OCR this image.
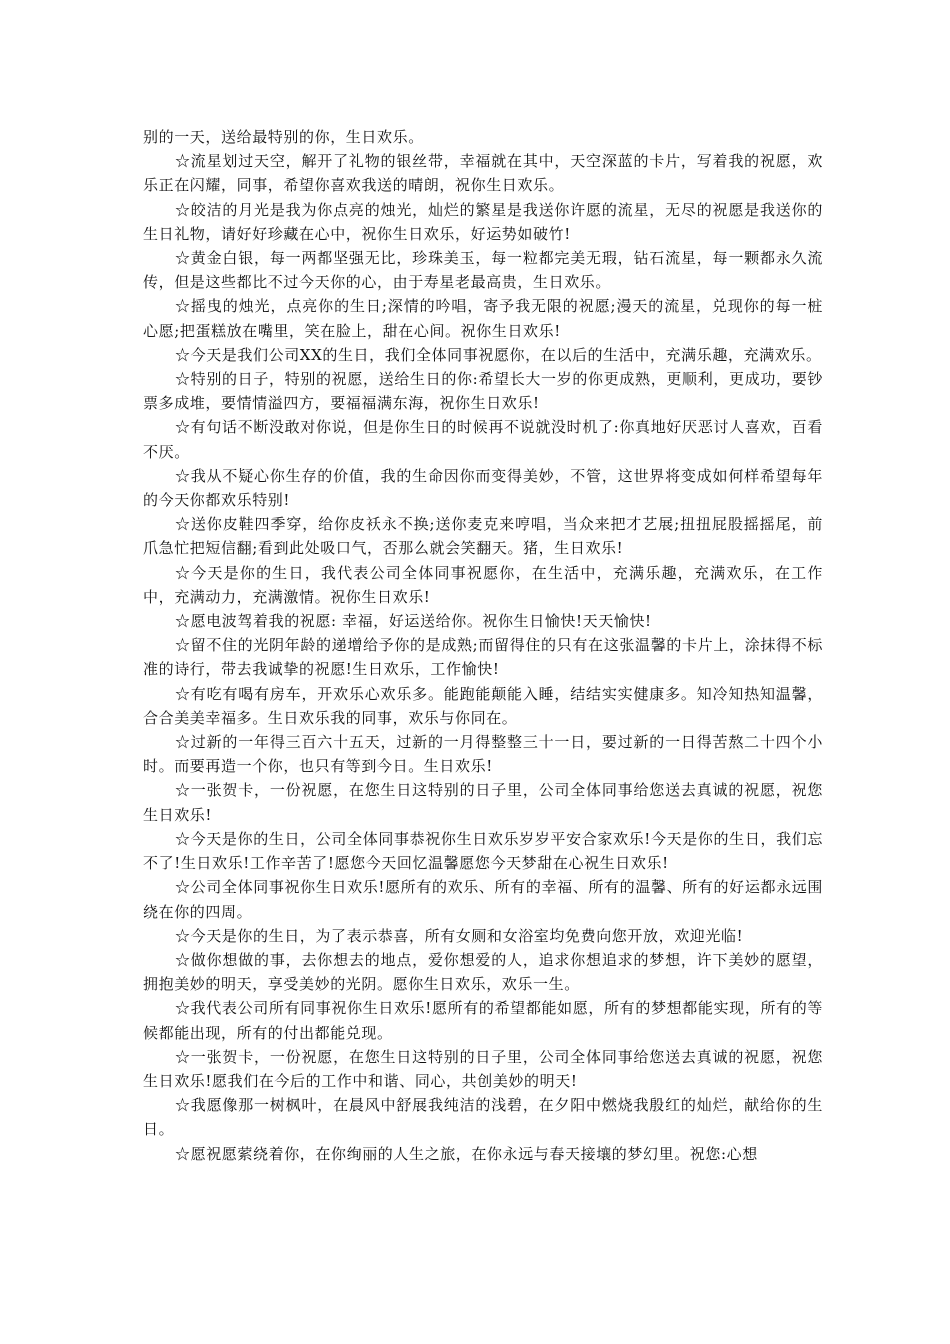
别的一天，送给最特别的你，生日欢乐。

☆流星划过天空，解开了礼物的银丝带，幸福就在其中，天空深蓝的卡片，写着我的祝愿，欢乐正在闪耀，同事，希望你喜欢我送的晴朗，祝你生日欢乐。

☆皎洁的月光是我为你点亮的烛光，灿烂的繁星是我送你许愿的流星，无尽的祝愿是我送你的生日礼物，请好好珍藏在心中，祝你生日欢乐，好运势如破竹!

☆黄金白银，每一两都坚强无比，珍珠美玉，每一粒都完美无瑕，钻石流星，每一颗都永久流传，但是这些都比不过今天你的心，由于寿星老最高贵，生日欢乐。

☆摇曳的烛光，点亮你的生日;深情的吟唱，寄予我无限的祝愿;漫天的流星，兑现你的每一桩心愿;把蛋糕放在嘴里，笑在脸上，甜在心间。祝你生日欢乐!

☆今天是我们公司XX的生日，我们全体同事祝愿你，在以后的生活中，充满乐趣，充满欢乐。

☆特别的日子，特别的祝愿，送给生日的你:希望长大一岁的你更成熟，更顺利，更成功，要钞票多成堆，要情情溢四方，要福福满东海，祝你生日欢乐!

☆有句话不断没敢对你说，但是你生日的时候再不说就没时机了:你真地好厌恶讨人喜欢，百看不厌。

☆我从不疑心你生存的价值，我的生命因你而变得美妙，不管，这世界将变成如何样希望每年的今天你都欢乐特别!

☆送你皮鞋四季穿，给你皮袄永不换;送你麦克来哼唱，当众来把才艺展;扭扭屁股摇摇尾，前爪急忙把短信翻;看到此处吸口气，否那么就会笑翻天。猪，生日欢乐!

☆今天是你的生日，我代表公司全体同事祝愿你，在生活中，充满乐趣，充满欢乐，在工作中，充满动力，充满激情。祝你生日欢乐!

☆愿电波驾着我的祝愿: 幸福，好运送给你。祝你生日愉快!天天愉快!

☆留不住的光阴年龄的递增给予你的是成熟;而留得住的只有在这张温馨的卡片上，涂抹得不标准的诗行，带去我诚挚的祝愿!生日欢乐，工作愉快!

☆有吃有喝有房车，开欢乐心欢乐多。能跑能颠能入睡，结结实实健康多。知冷知热知温馨，合合美美幸福多。生日欢乐我的同事，欢乐与你同在。

☆过新的一年得三百六十五天，过新的一月得整整三十一日，要过新的一日得苦熬二十四个小时。而要再造一个你，也只有等到今日。生日欢乐!

☆一张贺卡，一份祝愿，在您生日这特别的日子里，公司全体同事给您送去真诚的祝愿，祝您生日欢乐!

☆今天是你的生日，公司全体同事恭祝你生日欢乐岁岁平安合家欢乐!今天是你的生日，我们忘不了!生日欢乐!工作辛苦了!愿您今天回忆温馨愿您今天梦甜在心祝生日欢乐!

☆公司全体同事祝你生日欢乐!愿所有的欢乐、所有的幸福、所有的温馨、所有的好运都永远围绕在你的四周。

☆今天是你的生日，为了表示恭喜，所有女厕和女浴室均免费向您开放，欢迎光临!

☆做你想做的事，去你想去的地点，爱你想爱的人，追求你想追求的梦想，许下美妙的愿望，拥抱美妙的明天，享受美妙的光阴。愿你生日欢乐，欢乐一生。

☆我代表公司所有同事祝你生日欢乐!愿所有的希望都能如愿，所有的梦想都能实现，所有的等候都能出现，所有的付出都能兑现。

☆一张贺卡，一份祝愿，在您生日这特别的日子里，公司全体同事给您送去真诚的祝愿，祝您生日欢乐!愿我们在今后的工作中和谐、同心，共创美妙的明天!

☆我愿像那一树枫叶，在晨风中舒展我纯洁的浅碧，在夕阳中燃烧我殷红的灿烂，献给你的生日。

☆愿祝愿萦绕着你，在你绚丽的人生之旅，在你永远与春天接壤的梦幻里。祝您:心想
